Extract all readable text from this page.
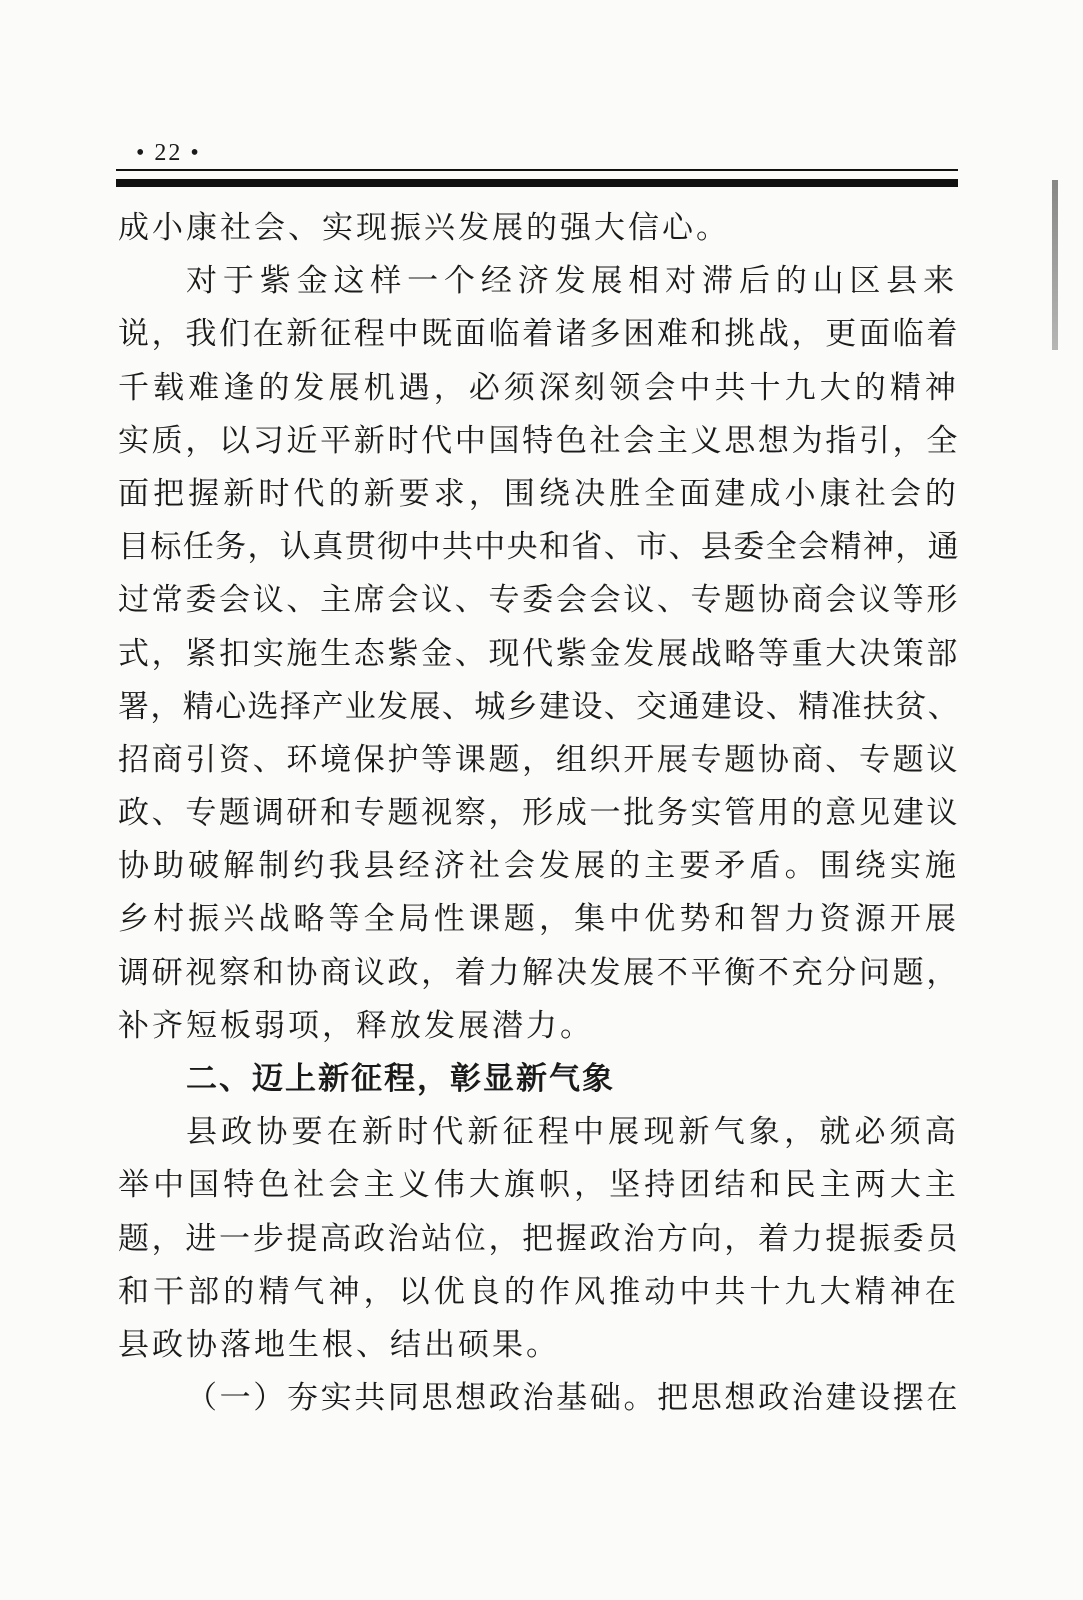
• 22 •
成小康社会、实现振兴发展的强大信心。
对于紫金这样一个经济发展相对滞后的山区县来
说，我们在新征程中既面临着诸多困难和挑战，更面临着
千载难逢的发展机遇，必须深刻领会中共十九大的精神
实质，以习近平新时代中国特色社会主义思想为指引，全
面把握新时代的新要求，围绕决胜全面建成小康社会的
目标任务，认真贯彻中共中央和省、市、县委全会精神，通
过常委会议、主席会议、专委会会议、专题协商会议等形
式，紧扣实施生态紫金、现代紫金发展战略等重大决策部
署，精心选择产业发展、城乡建设、交通建设、精准扶贫、
招商引资、环境保护等课题，组织开展专题协商、专题议
政、专题调研和专题视察，形成一批务实管用的意见建议
协助破解制约我县经济社会发展的主要矛盾。围绕实施
乡村振兴战略等全局性课题，集中优势和智力资源开展
调研视察和协商议政，着力解决发展不平衡不充分问题，
补齐短板弱项，释放发展潜力。
二、迈上新征程，彰显新气象
县政协要在新时代新征程中展现新气象，就必须高
举中国特色社会主义伟大旗帜，坚持团结和民主两大主
题，进一步提高政治站位，把握政治方向，着力提振委员
和干部的精气神，以优良的作风推动中共十九大精神在
县政协落地生根、结出硕果。
（一）夯实共同思想政治基础。把思想政治建设摆在
